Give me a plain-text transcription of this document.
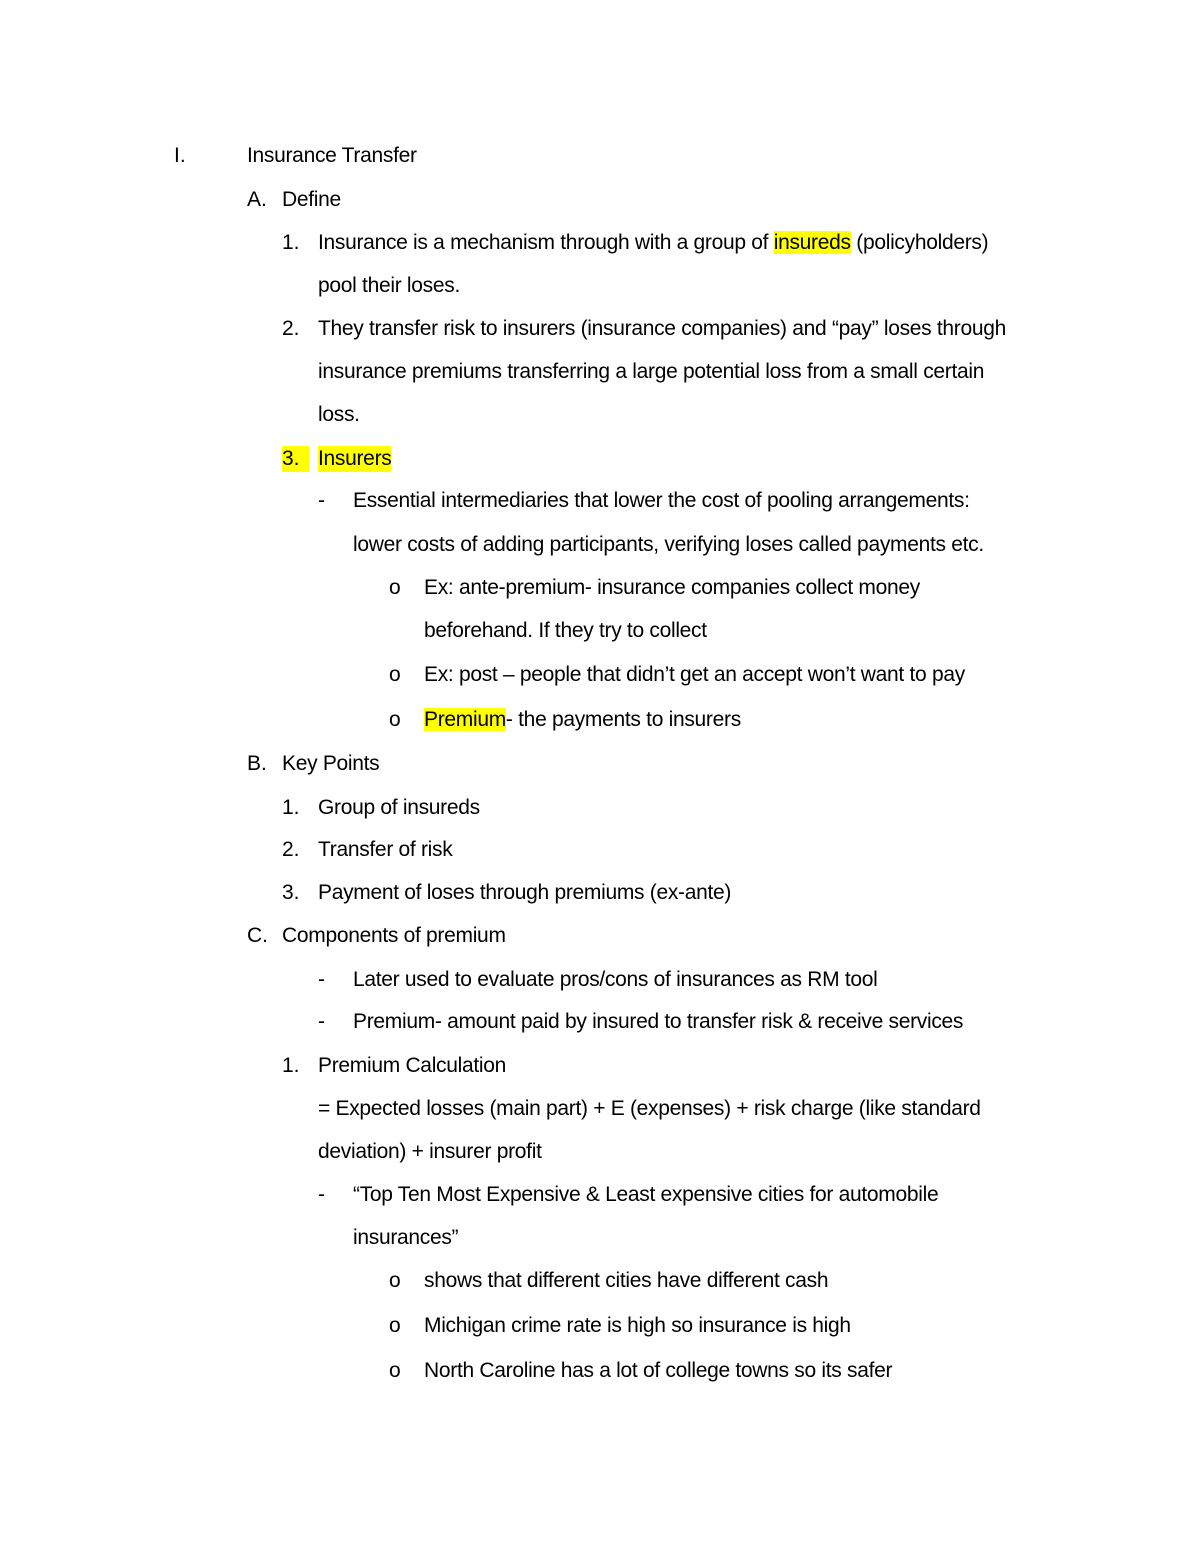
I.	Insurance Transfer
A. Define
1. Insurance is a mechanism through with a group of insureds (policyholders)
pool their loses.
2. They transfer risk to insurers (insurance companies) and “pay” loses through
insurance premiums transferring a large potential loss from a small certain
loss.
3. Insurers
- Essential intermediaries that lower the cost of pooling arrangements:
lower costs of adding participants, verifying loses called payments etc.
o Ex: ante-premium- insurance companies collect money
beforehand. If they try to collect
o Ex: post – people that didn’t get an accept won’t want to pay
o Premium- the payments to insurers
B. Key Points
1. Group of insureds
2. Transfer of risk
3. Payment of loses through premiums (ex-ante)
C. Components of premium
- Later used to evaluate pros/cons of insurances as RM tool
- Premium- amount paid by insured to transfer risk & receive services
1. Premium Calculation
= Expected losses (main part) + E (expenses) + risk charge (like standard
deviation) + insurer profit
- “Top Ten Most Expensive & Least expensive cities for automobile
insurances”
o shows that different cities have different cash
o Michigan crime rate is high so insurance is high
o North Caroline has a lot of college towns so its safer
